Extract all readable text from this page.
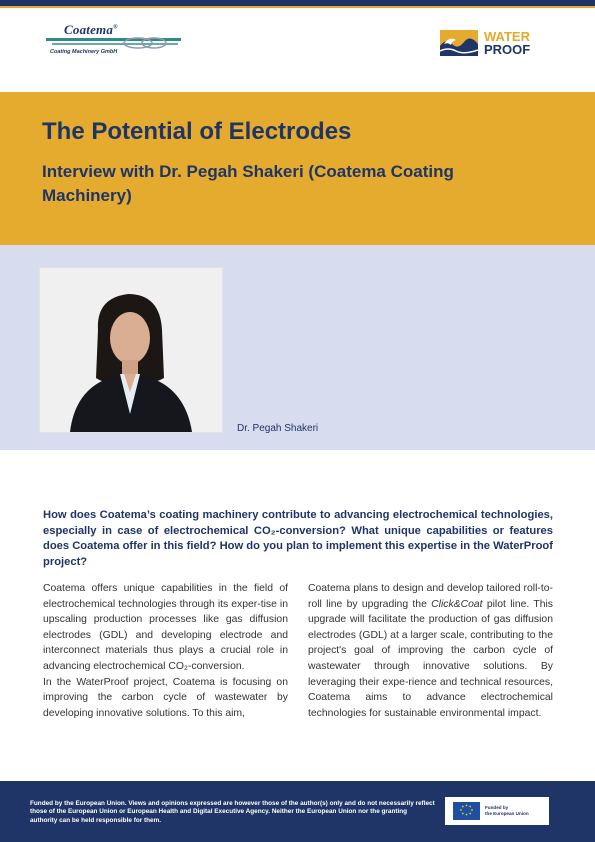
Coatema®
Coating Machinery GmbH
WATER
PROOF
The Potential of Electrodes
Interview with Dr. Pegah Shakeri (Coatema Coating Machinery)
Dr. Pegah Shakeri

How does Coatema’s coating machinery contribute to advancing electrochemical technologies, especially in case of electrochemical CO₂-conversion? What unique capabilities or features does Coatema offer in this field? How do you plan to implement this expertise in the WaterProof project?

Coatema offers unique capabilities in the field of electrochemical technologies through its exper‑tise in upscaling production processes like gas diffusion electrodes (GDL) and developing electrode and interconnect materials thus plays a crucial role in advancing electrochemical CO₂-conversion.

In the WaterProof project, Coatema is focusing on improving the carbon cycle of wastewater by developing innovative solutions. To this aim,

Coatema plans to design and develop tailored roll-to-roll line by upgrading the Click&Coat pilot line. This upgrade will facilitate the production of gas diffusion electrodes (GDL) at a larger scale, contributing to the project's goal of improving the carbon cycle of wastewater through innovative solutions. By leveraging their expe‑rience and technical resources, Coatema aims to advance electrochemical technologies for sustainable environmental impact.

Funded by the European Union. Views and opinions expressed are however those of the author(s) only and do not necessarily reflect those of the European Union or European Health and Digital Executive Agency. Neither the European Union nor the granting authority can be held responsible for them.

Funded by
the European Union
